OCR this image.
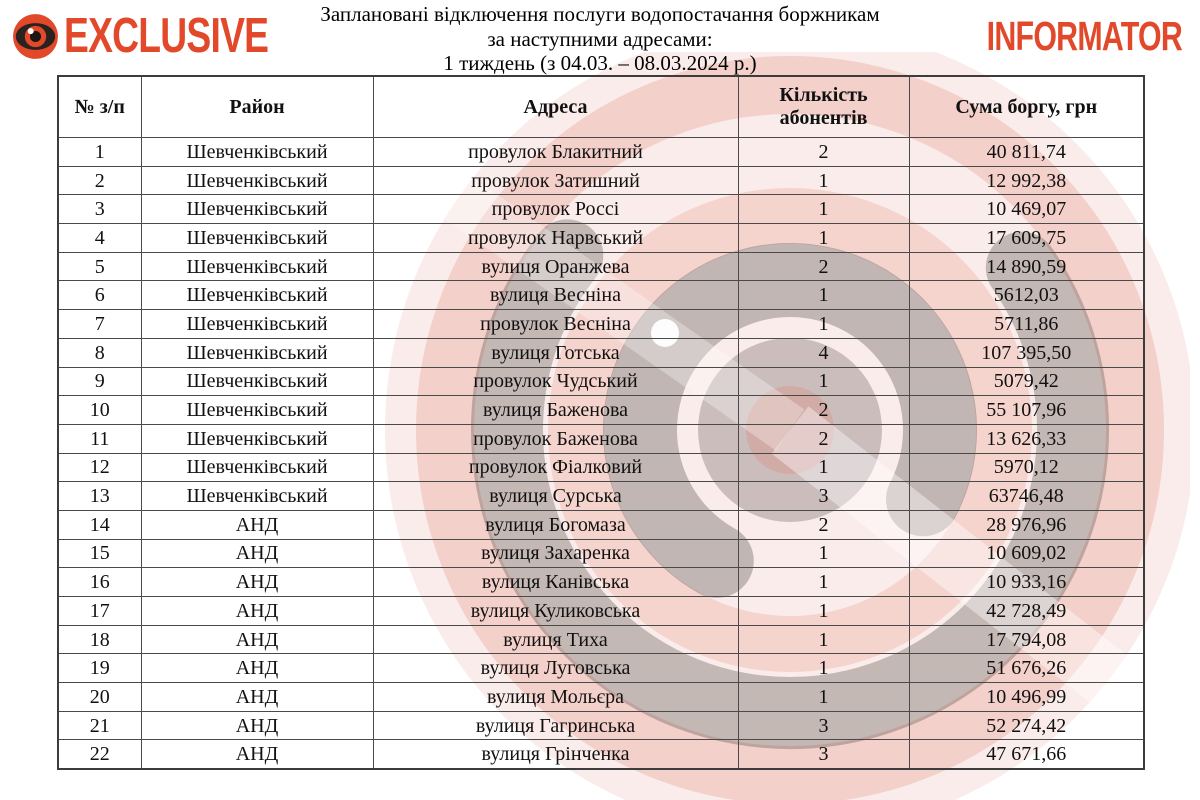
EXCLUSIVE	Заплановані відключення послуги водопостачання боржникам
за наступними адресами:
1 тиждень (з 04.03. – 08.03.2024 р.)
INFORMATOR
№ з/п	Район	Адреса	Кількість абонентів	Сума боргу, грн
1	Шевченківський	провулок Блакитний	2	40 811,74
2	Шевченківський	провулок Затишний	1	12 992,38
3	Шевченківський	провулок Россі	1	10 469,07
4	Шевченківський	провулок Нарвський	1	17 609,75
5	Шевченківський	вулиця Оранжева	2	14 890,59
6	Шевченківський	вулиця Весніна	1	5612,03
7	Шевченківський	провулок Весніна	1	5711,86
8	Шевченківський	вулиця Готська	4	107 395,50
9	Шевченківський	провулок Чудський	1	5079,42
10	Шевченківський	вулиця Баженова	2	55 107,96
11	Шевченківський	провулок Баженова	2	13 626,33
12	Шевченківський	провулок Фіалковий	1	5970,12
13	Шевченківський	вулиця Сурська	3	63746,48
14	АНД	вулиця Богомаза	2	28 976,96
15	АНД	вулиця Захаренка	1	10 609,02
16	АНД	вулиця Канівська	1	10 933,16
17	АНД	вулиця Куликовська	1	42 728,49
18	АНД	вулиця Тиха	1	17 794,08
19	АНД	вулиця Луговська	1	51 676,26
20	АНД	вулиця Мольєра	1	10 496,99
21	АНД	вулиця Гагринська	3	52 274,42
22	АНД	вулиця Грінченка	3	47 671,66
